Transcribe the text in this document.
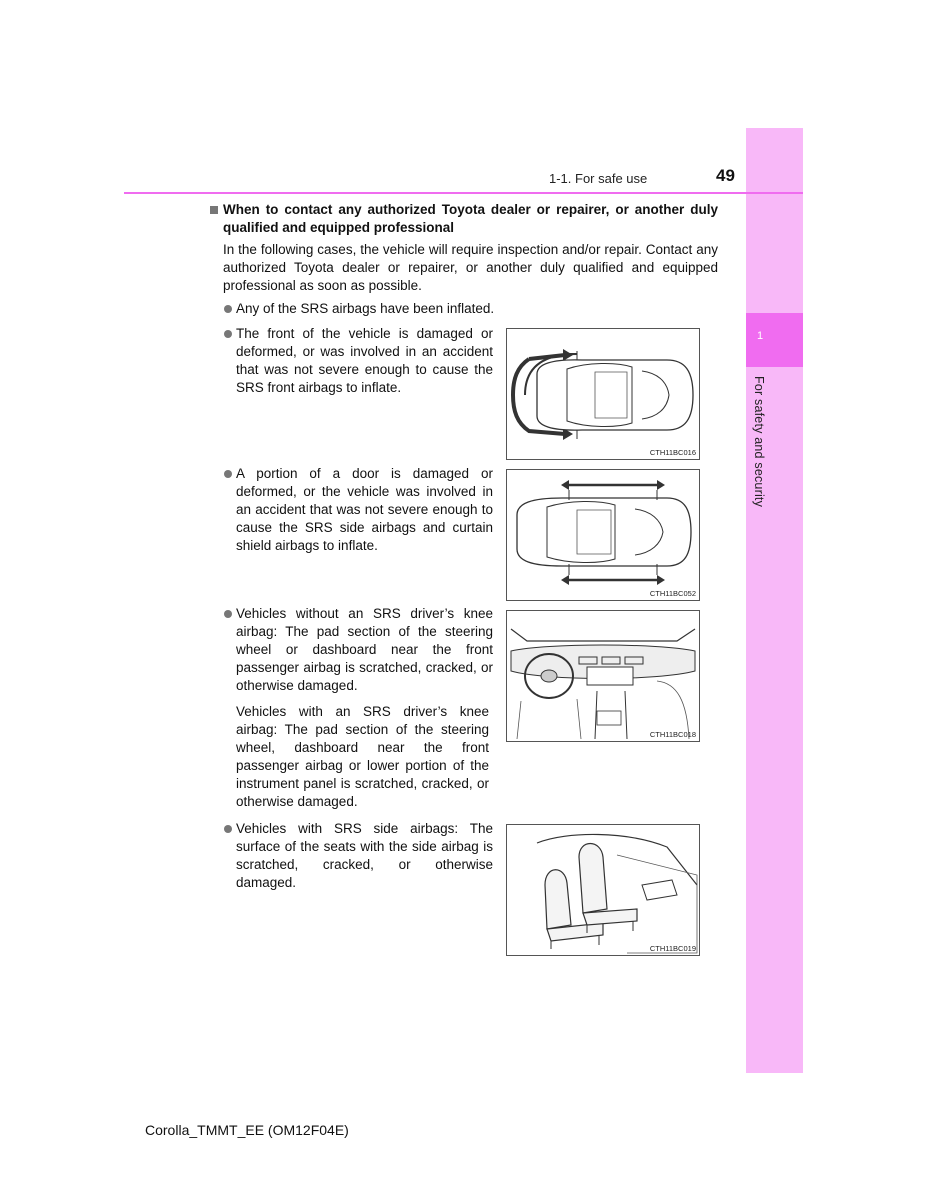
1
For safety and security
1-1. For safe use	49
When to contact any authorized Toyota dealer or repairer, or another duly qualified and equipped professional

In the following cases, the vehicle will require inspection and/or repair. Contact any authorized Toyota dealer or repairer, or another duly qualified and equipped professional as soon as possible.

Any of the SRS airbags have been inflated.
The front of the vehicle is damaged or deformed, or was involved in an accident that was not severe enough to cause the SRS front airbags to inflate.
CTH11BC016
A portion of a door is damaged or deformed, or the vehicle was involved in an accident that was not severe enough to cause the SRS side airbags and curtain shield airbags to inflate.
CTH11BC052
Vehicles without an SRS driver’s knee airbag: The pad section of the steering wheel or dashboard near the front passenger airbag is scratched, cracked, or otherwise damaged.
Vehicles with an SRS driver’s knee airbag: The pad section of the steering wheel, dashboard near the front passenger airbag or lower portion of the instrument panel is scratched, cracked, or otherwise damaged.
CTH11BC018
Vehicles with SRS side airbags: The surface of the seats with the side airbag is scratched, cracked, or otherwise damaged.
CTH11BC019
Corolla_TMMT_EE (OM12F04E)
